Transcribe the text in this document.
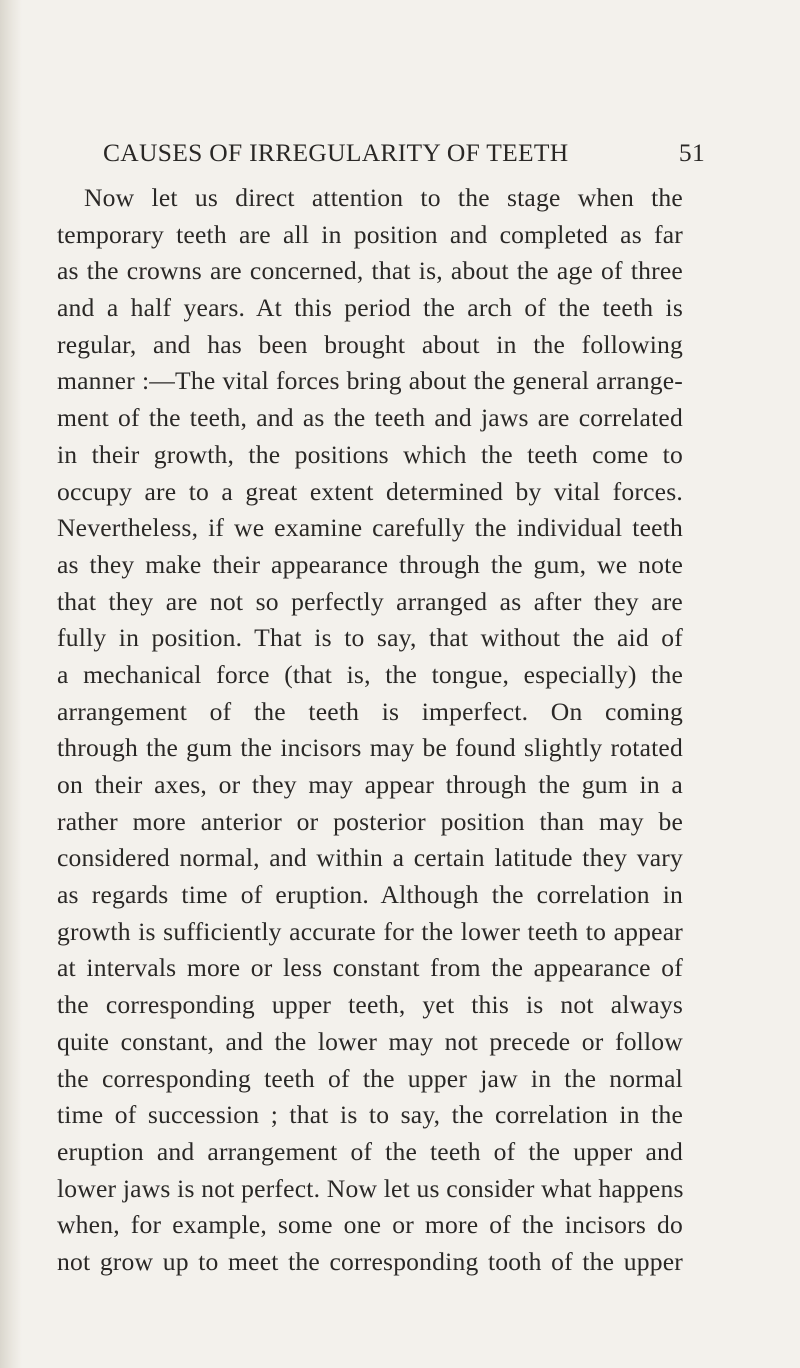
CAUSES OF IRREGULARITY OF TEETH	51
Now let us direct attention to the stage when the
temporary teeth are all in position and completed as far
as the crowns are concerned, that is, about the age of three
and a half years. At this period the arch of the teeth is
regular, and has been brought about in the following
manner :—The vital forces bring about the general arrange-
ment of the teeth, and as the teeth and jaws are correlated
in their growth, the positions which the teeth come to
occupy are to a great extent determined by vital forces.
Nevertheless, if we examine carefully the individual teeth
as they make their appearance through the gum, we note
that they are not so perfectly arranged as after they are
fully in position. That is to say, that without the aid of
a mechanical force (that is, the tongue, especially) the
arrangement of the teeth is imperfect. On coming
through the gum the incisors may be found slightly rotated
on their axes, or they may appear through the gum in a
rather more anterior or posterior position than may be
considered normal, and within a certain latitude they vary
as regards time of eruption. Although the correlation in
growth is sufficiently accurate for the lower teeth to appear
at intervals more or less constant from the appearance of
the corresponding upper teeth, yet this is not always
quite constant, and the lower may not precede or follow
the corresponding teeth of the upper jaw in the normal
time of succession ; that is to say, the correlation in the
eruption and arrangement of the teeth of the upper and
lower jaws is not perfect. Now let us consider what happens
when, for example, some one or more of the incisors do
not grow up to meet the corresponding tooth of the upper
